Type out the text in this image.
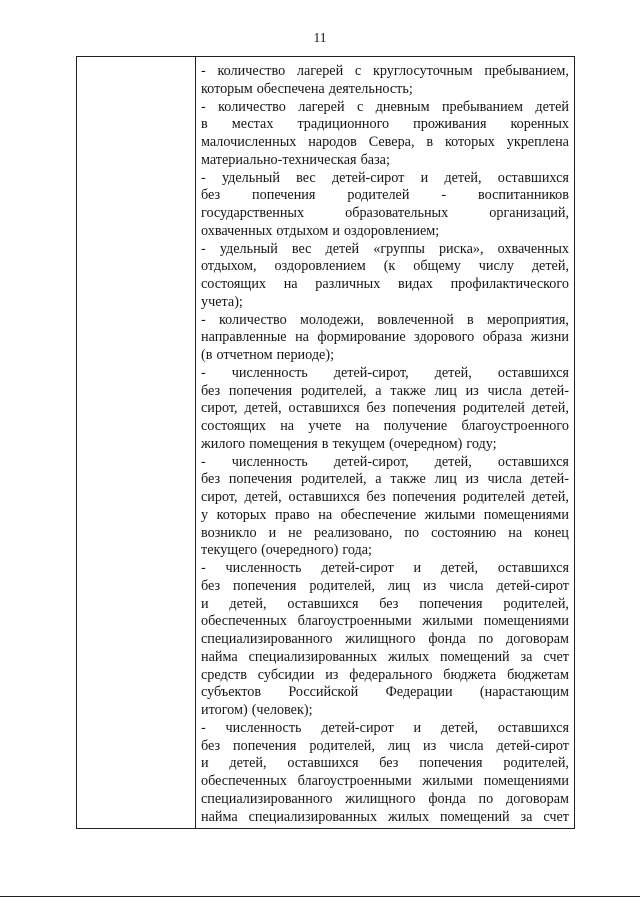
11
- количество лагерей с круглосуточным пребыванием,
которым обеспечена деятельность;
- количество лагерей с дневным пребыванием детей
в местах традиционного проживания коренных
малочисленных народов Севера, в которых укреплена
материально-техническая база;
- удельный вес детей-сирот и детей, оставшихся
без попечения родителей - воспитанников
государственных	образовательных	организаций,
охваченных отдыхом и оздоровлением;
- удельный вес детей «группы риска», охваченных
отдыхом, оздоровлением (к общему числу детей,
состоящих на различных видах профилактического
учета);
- количество молодежи, вовлеченной в мероприятия,
направленные на формирование здорового образа жизни
(в отчетном периоде);
- численность детей-сирот, детей, оставшихся
без попечения родителей, а также лиц из числа детей-
сирот, детей, оставшихся без попечения родителей детей,
состоящих на учете на получение благоустроенного
жилого помещения в текущем (очередном) году;
- численность детей-сирот, детей, оставшихся
без попечения родителей, а также лиц из числа детей-
сирот, детей, оставшихся без попечения родителей детей,
у которых право на обеспечение жилыми помещениями
возникло и не реализовано, по состоянию на конец
текущего (очередного) года;
- численность детей-сирот и детей, оставшихся
без попечения родителей, лиц из числа детей-сирот
и детей, оставшихся без попечения родителей,
обеспеченных благоустроенными жилыми помещениями
специализированного жилищного фонда по договорам
найма специализированных жилых помещений за счет
средств субсидии из федерального бюджета бюджетам
субъектов Российской Федерации (нарастающим
итогом) (человек);
- численность детей-сирот и детей, оставшихся
без попечения родителей, лиц из числа детей-сирот
и детей, оставшихся без попечения родителей,
обеспеченных благоустроенными жилыми помещениями
специализированного жилищного фонда по договорам
найма специализированных жилых помещений за счет
